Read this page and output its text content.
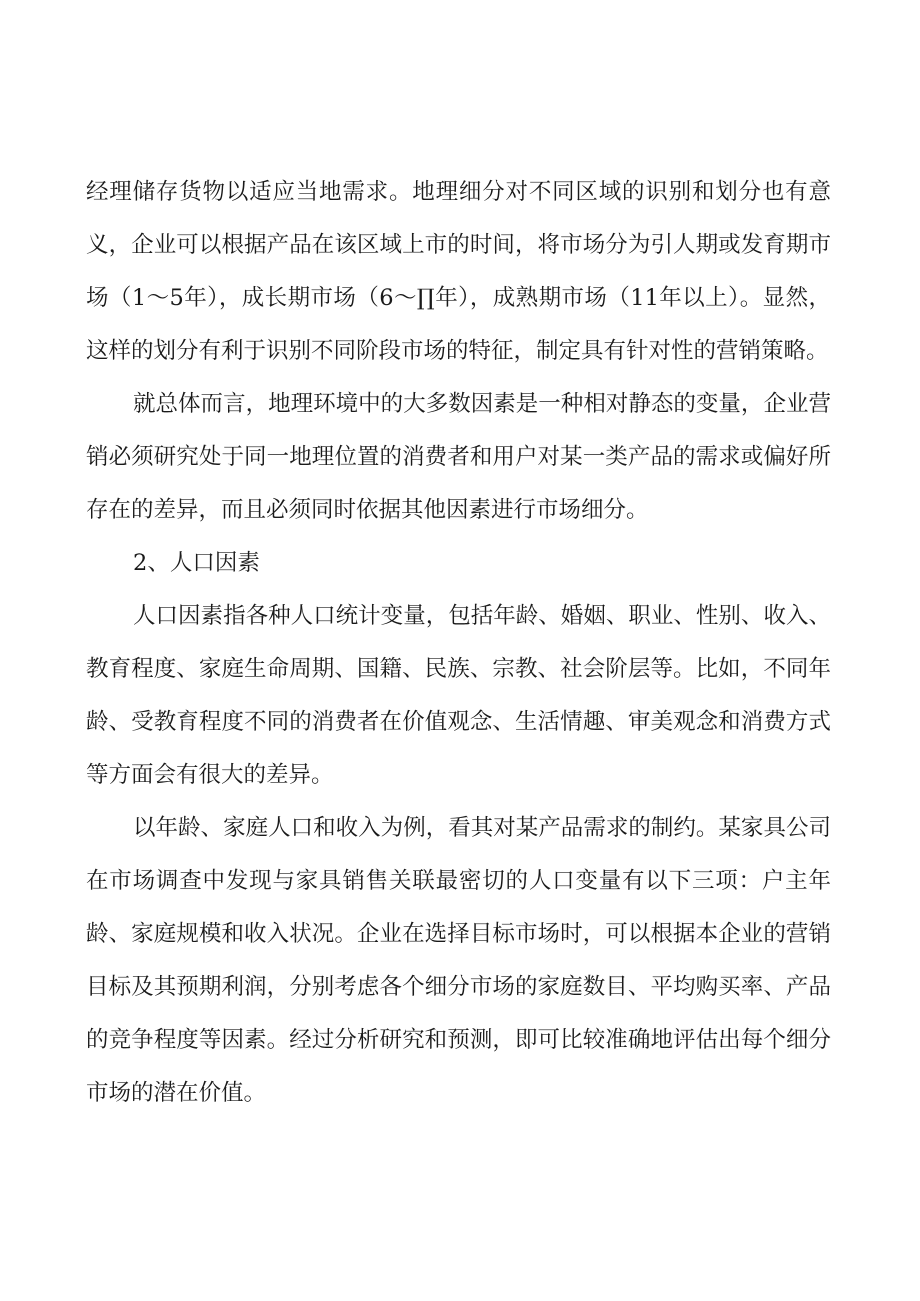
经理储存货物以适应当地需求。地理细分对不同区域的识别和划分也有意义，企业可以根据产品在该区域上市的时间，将市场分为引人期或发育期市场（1～5年），成长期市场（6～∏年），成熟期市场（11年以上）。显然，这样的划分有利于识别不同阶段市场的特征，制定具有针对性的营销策略。

就总体而言，地理环境中的大多数因素是一种相对静态的变量，企业营销必须研究处于同一地理位置的消费者和用户对某一类产品的需求或偏好所存在的差异，而且必须同时依据其他因素进行市场细分。

2、人口因素

人口因素指各种人口统计变量，包括年龄、婚姻、职业、性别、收入、教育程度、家庭生命周期、国籍、民族、宗教、社会阶层等。比如，不同年龄、受教育程度不同的消费者在价值观念、生活情趣、审美观念和消费方式等方面会有很大的差异。

以年龄、家庭人口和收入为例，看其对某产品需求的制约。某家具公司在市场调查中发现与家具销售关联最密切的人口变量有以下三项：户主年龄、家庭规模和收入状况。企业在选择目标市场时，可以根据本企业的营销目标及其预期利润，分别考虑各个细分市场的家庭数目、平均购买率、产品的竞争程度等因素。经过分析研究和预测，即可比较准确地评估出每个细分市场的潜在价值。
